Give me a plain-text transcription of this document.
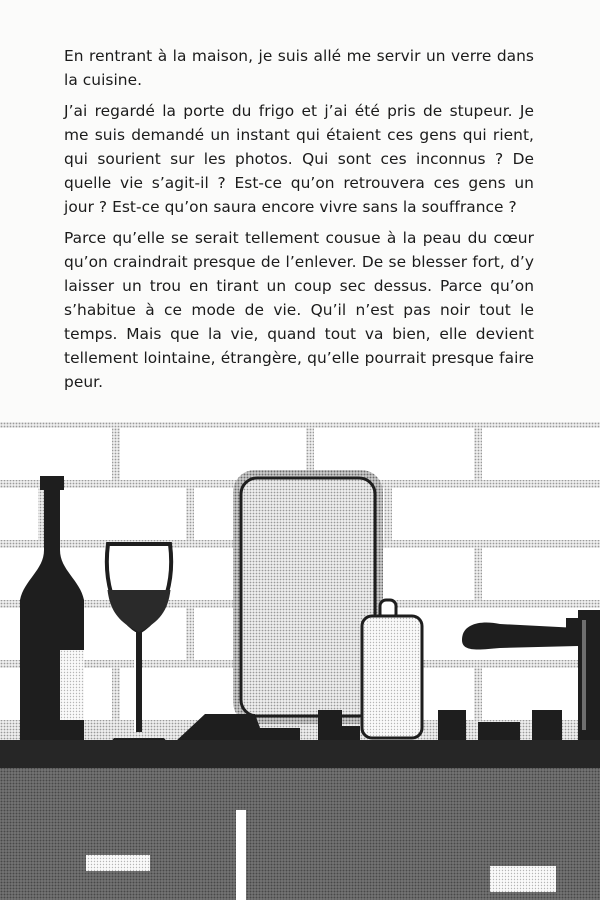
En rentrant à la maison, je suis allé me servir un verre dans la cuisine.

J’ai regardé la porte du frigo et j’ai été pris de stupeur. Je me suis demandé un instant qui étaient ces gens qui rient, qui sourient sur les photos. Qui sont ces inconnus ? De quelle vie s’agit-il ? Est-ce qu’on retrouvera ces gens un jour ? Est-ce qu’on saura encore vivre sans la souffrance ?

Parce qu’elle se serait tellement cousue à la peau du cœur qu’on craindrait presque de l’enlever. De se blesser fort, d’y laisser un trou en tirant un coup sec dessus. Parce qu’on s’habitue à ce mode de vie. Qu’il n’est pas noir tout le temps. Mais que la vie, quand tout va bien, elle devient tellement lointaine, étrangère, qu’elle pourrait presque faire peur.
